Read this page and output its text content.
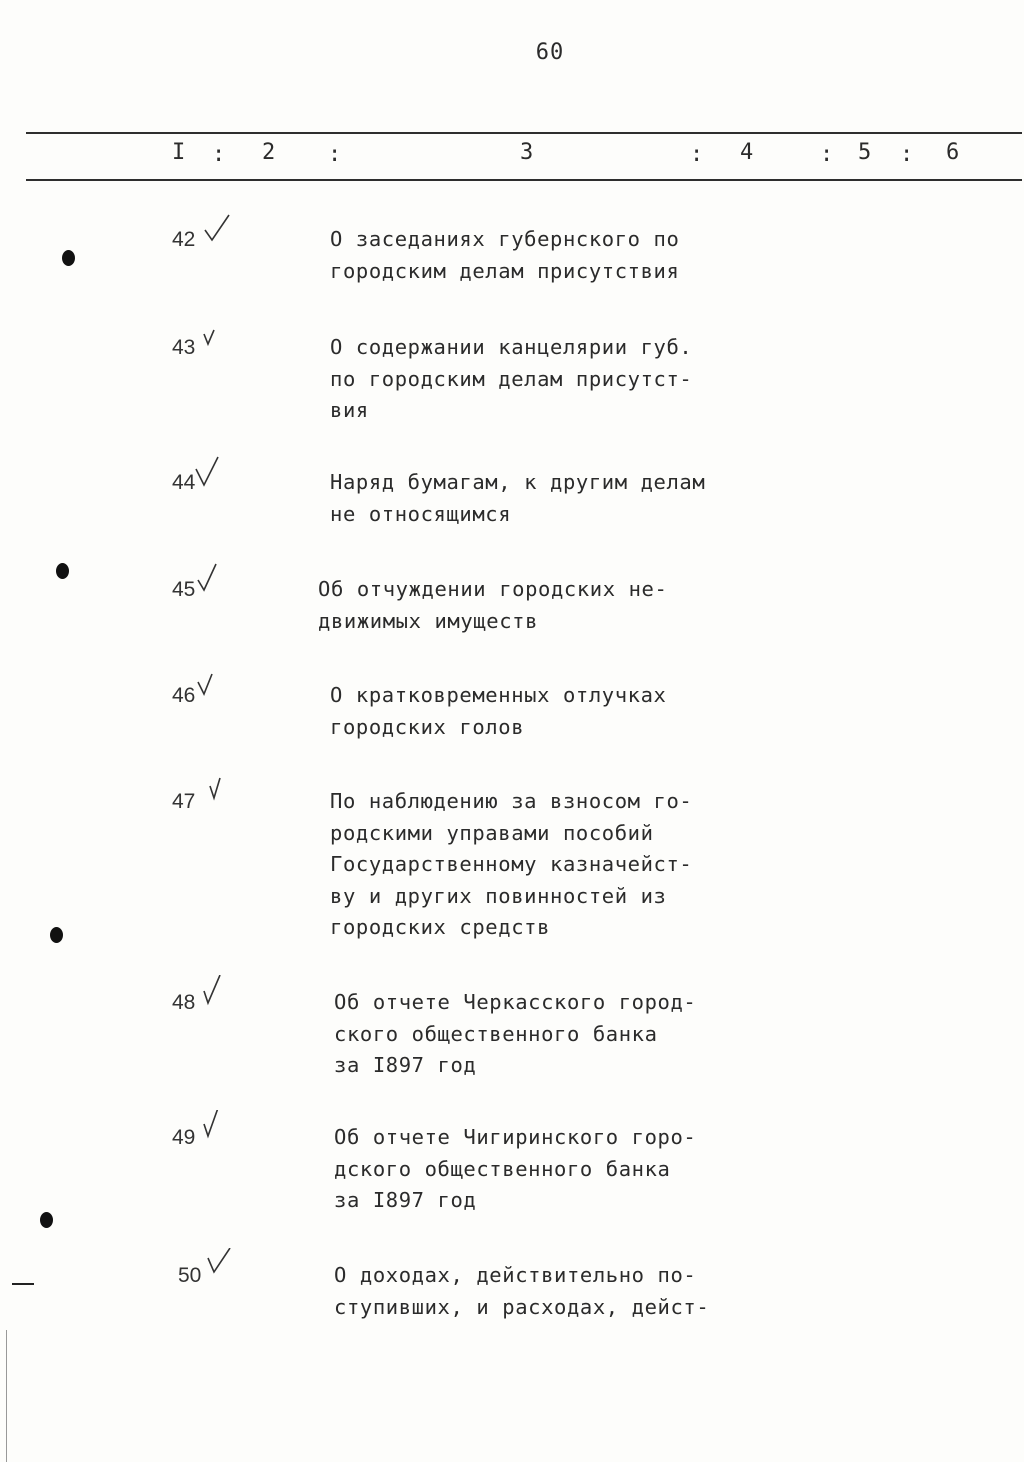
60
I : 2 :	3	: 4	: 5 : 6
42	О заседаниях губернского по
городским делам присутствия
43	О содержании канцелярии губ.
по городским делам присутст-
вия
44	Наряд бумагам, к другим делам
не относящимся
45	Об отчуждении городских не-
движимых имуществ
46	О кратковременных отлучках
городских голов
47	По наблюдению за взносом го-
родскими управами пособий
Государственному казначейст-
ву и других повинностей из
городских средств
48	Об отчете Черкасского город-
ского общественного банка
за I897 год
49	Об отчете Чигиринского горо-
дского общественного банка
за I897 год
50	О доходах, действительно по-
ступивших, и расходах, дейст-
